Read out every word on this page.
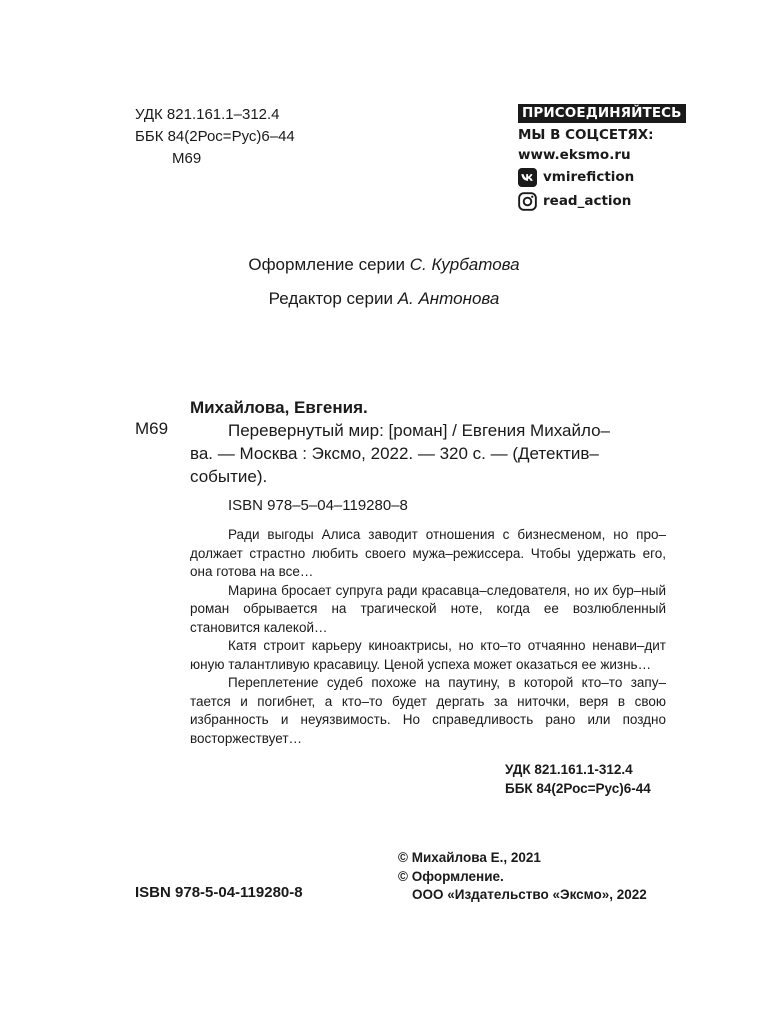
УДК 821.161.1–312.4
ББК 84(2Рос=Рус)6–44
М69
ПРИСОЕДИНЯЙТЕСЬ
МЫ В СОЦСЕТЯХ:
www.eksmo.ru
vmirefiction
read_action
Оформление серии С. Курбатова
Редактор серии А. Антонова
Михайлова, Евгения.
М69	Перевернутый мир: [роман] / Евгения Михайло–
ва. — Москва : Эксмо, 2022. — 320 с. — (Детектив–
событие).
ISBN 978–5–04–119280–8

Ради выгоды Алиса заводит отношения с бизнесменом, но про–должает страстно любить своего мужа–режиссера. Чтобы удержать его, она готова на все…

Марина бросает супруга ради красавца–следователя, но их бур–ный роман обрывается на трагической ноте, когда ее возлюбленный становится калекой…

Катя строит карьеру киноактрисы, но кто–то отчаянно ненави–дит юную талантливую красавицу. Ценой успеха может оказаться ее жизнь…

Переплетение судеб похоже на паутину, в которой кто–то запу–тается и погибнет, а кто–то будет дергать за ниточки, веря в свою избранность и неуязвимость. Но справедливость рано или поздно восторжествует…

УДК 821.161.1-312.4
ББК 84(2Рос=Рус)6-44
© Михайлова Е., 2021
© Оформление.
ООО «Издательство «Эксмо», 2022
ISBN 978-5-04-119280-8
